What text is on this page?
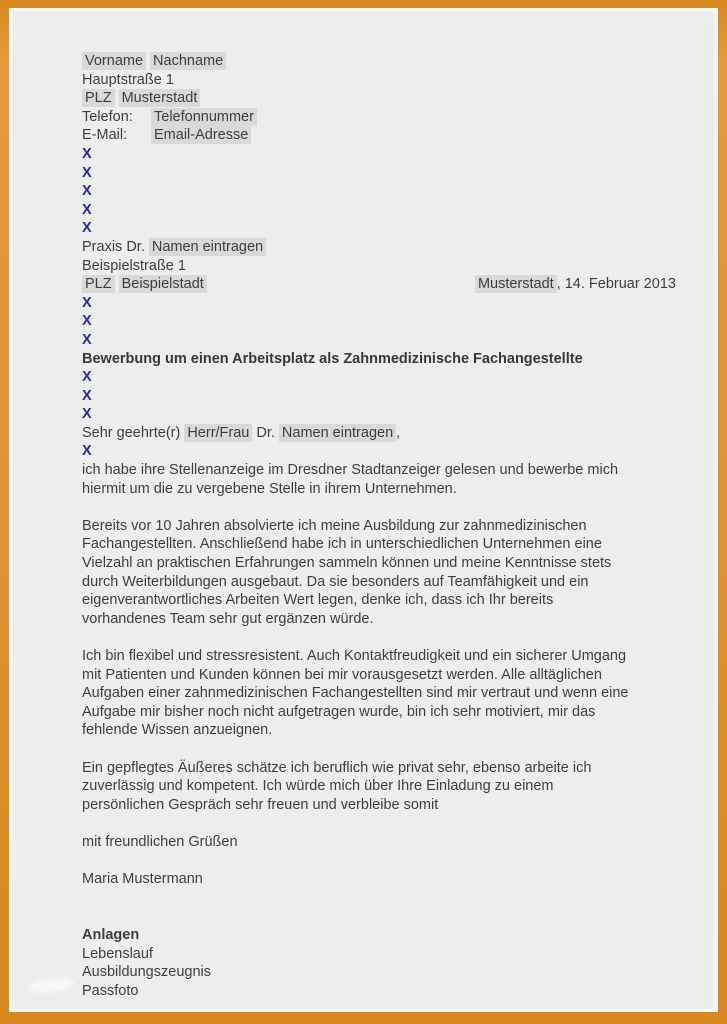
Vorname Nachname
Hauptstraße 1
PLZ Musterstadt
Telefon: Telefonnummer
E-Mail: Email-Adresse
X
X
X
X
X
Praxis Dr. Namen eintragen
Beispielstraße 1
PLZ Beispielstadt	Musterstadt , 14. Februar 2013
X
X
X
Bewerbung um einen Arbeitsplatz als Zahnmedizinische Fachangestellte
X
X
X
Sehr geehrte(r) Herr/Frau Dr. Namen eintragen ,
X
ich habe ihre Stellenanzeige im Dresdner Stadtanzeiger gelesen und bewerbe mich
hiermit um die zu vergebene Stelle in ihrem Unternehmen.
Bereits vor 10 Jahren absolvierte ich meine Ausbildung zur zahnmedizinischen
Fachangestellten. Anschließend habe ich in unterschiedlichen Unternehmen eine
Vielzahl an praktischen Erfahrungen sammeln können und meine Kenntnisse stets
durch Weiterbildungen ausgebaut. Da sie besonders auf Teamfähigkeit und ein
eigenverantwortliches Arbeiten Wert legen, denke ich, dass ich Ihr bereits
vorhandenes Team sehr gut ergänzen würde.
Ich bin flexibel und stressresistent. Auch Kontaktfreudigkeit und ein sicherer Umgang
mit Patienten und Kunden können bei mir vorausgesetzt werden. Alle alltäglichen
Aufgaben einer zahnmedizinischen Fachangestellten sind mir vertraut und wenn eine
Aufgabe mir bisher noch nicht aufgetragen wurde, bin ich sehr motiviert, mir das
fehlende Wissen anzueignen.
Ein gepflegtes Äußeres schätze ich beruflich wie privat sehr, ebenso arbeite ich
zuverlässig und kompetent. Ich würde mich über Ihre Einladung zu einem
persönlichen Gespräch sehr freuen und verbleibe somit
mit freundlichen Grüßen
Maria Mustermann
Anlagen
Lebenslauf
Ausbildungszeugnis
Passfoto
